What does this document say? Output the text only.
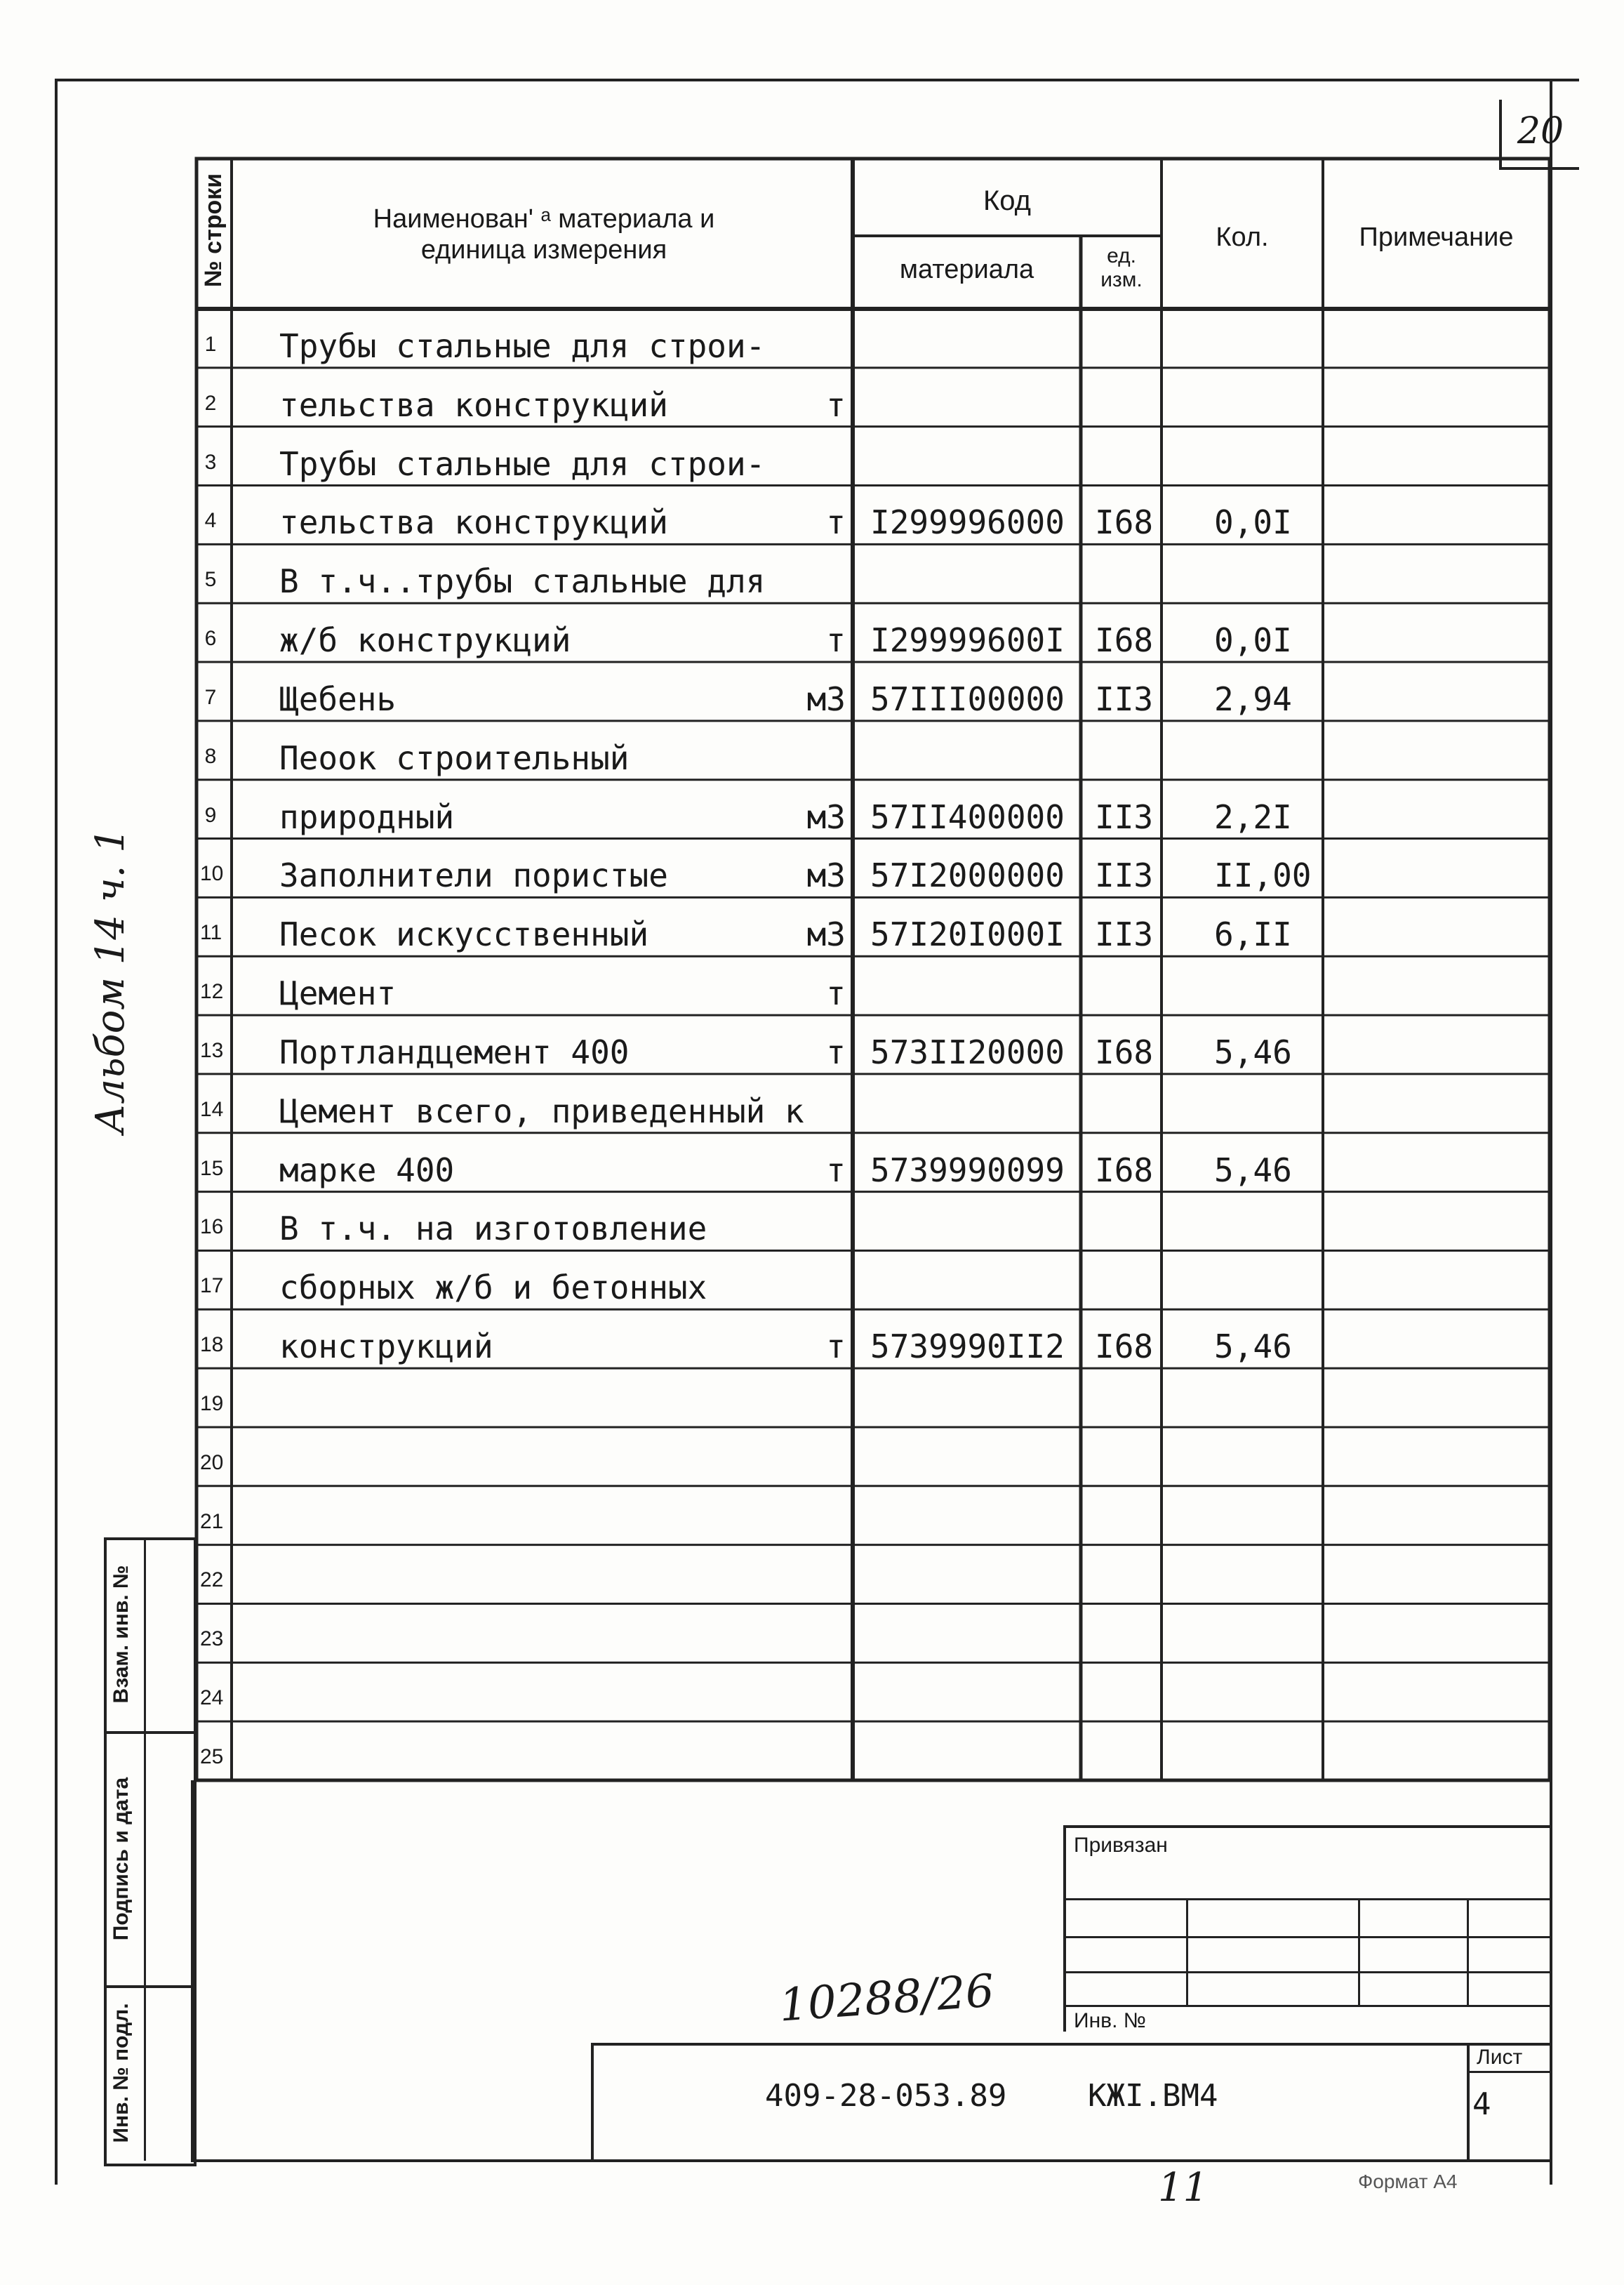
20
№ строки	Наименован' ᵃ материала и
единица измерения
Код
материала	ед. изм.
Кол.	Примечание
1 Трубы стальные для строи-
2 тельства конструкций	т
3 Трубы стальные для строи-
4 тельства конструкций	т I299996000 I68 0,0I
5 В т.ч..трубы стальные для
6 ж/б конструкций	т I29999600I I68 0,0I
7 Щебень	м3 57III00000 II3 2,94
8 Пеоок строительный
9 природный	м3 57II400000 II3 2,2I
10 Заполнители пористые	м3 57I2000000 II3 II,00
11 Песок искусственный	м3 57I20I000I II3 6,II
12 Цемент	т
13 Портландцемент 400	т 573II20000 I68 5,46
14 Цемент всего, приведенный к
15 марке 400	т 5739990099 I68 5,46
16 В т.ч. на изготовление
17 сборных ж/б и бетонных
18 конструкций	т 5739990II2 I68 5,46
19
20
21
22
23
24
25
Альбом 14 ч. 1
Взам. инв. №
Подпись и дата
Инв. № подл.
Привязан
Инв. №
10288/26
409-28-053.89	КЖI.ВМ4
Лист
4
11	Формат А4
